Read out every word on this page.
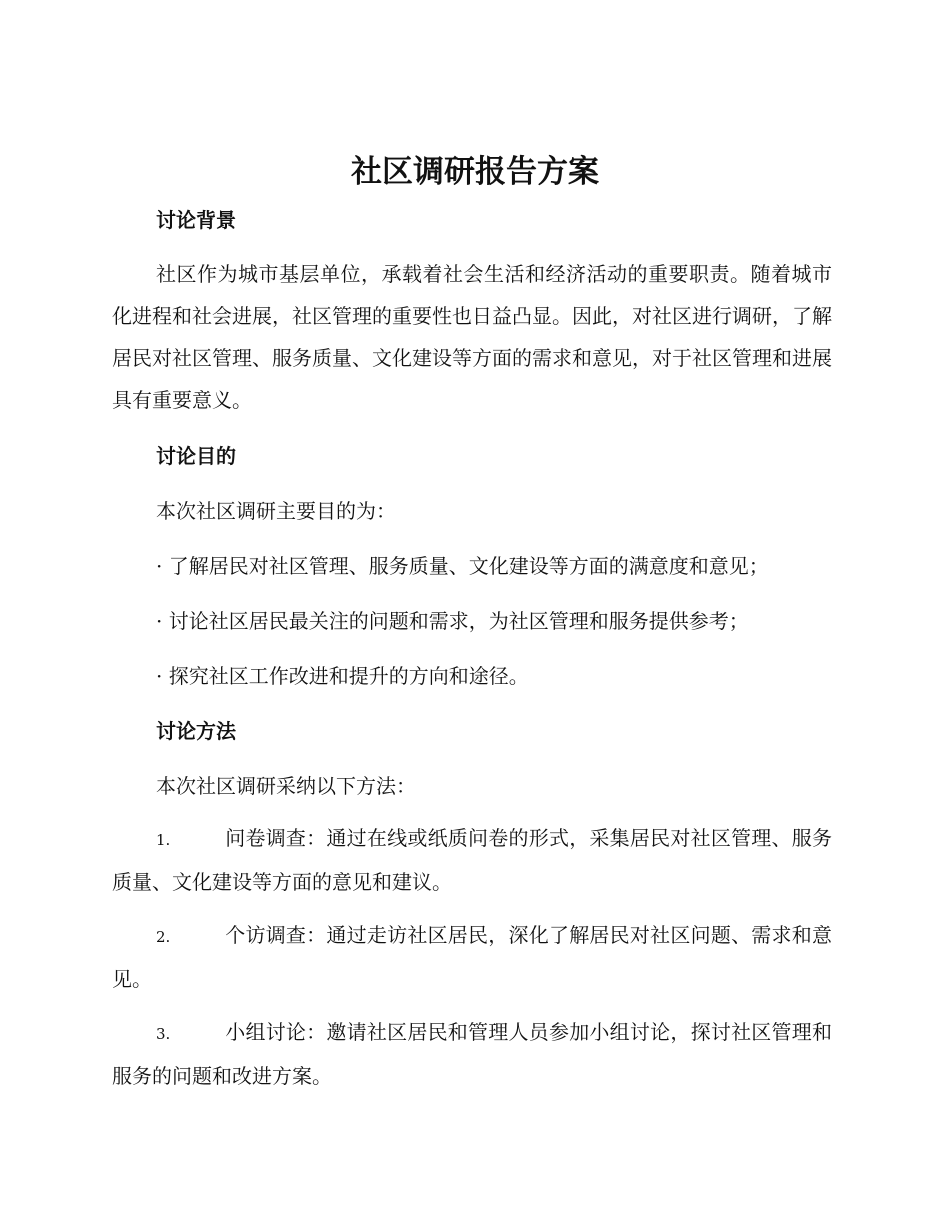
社区调研报告方案
讨论背景

社区作为城市基层单位，承载着社会生活和经济活动的重要职责。随着城市化进程和社会进展，社区管理的重要性也日益凸显。因此，对社区进行调研，了解居民对社区管理、服务质量、文化建设等方面的需求和意见，对于社区管理和进展具有重要意义。

讨论目的

本次社区调研主要目的为：

· 了解居民对社区管理、服务质量、文化建设等方面的满意度和意见；

· 讨论社区居民最关注的问题和需求，为社区管理和服务提供参考；

· 探究社区工作改进和提升的方向和途径。

讨论方法

本次社区调研采纳以下方法：

1.	问卷调查：通过在线或纸质问卷的形式，采集居民对社区管理、服务质量、文化建设等方面的意见和建议。

2.	个访调查：通过走访社区居民，深化了解居民对社区问题、需求和意见。

3.	小组讨论：邀请社区居民和管理人员参加小组讨论，探讨社区管理和服务的问题和改进方案。
